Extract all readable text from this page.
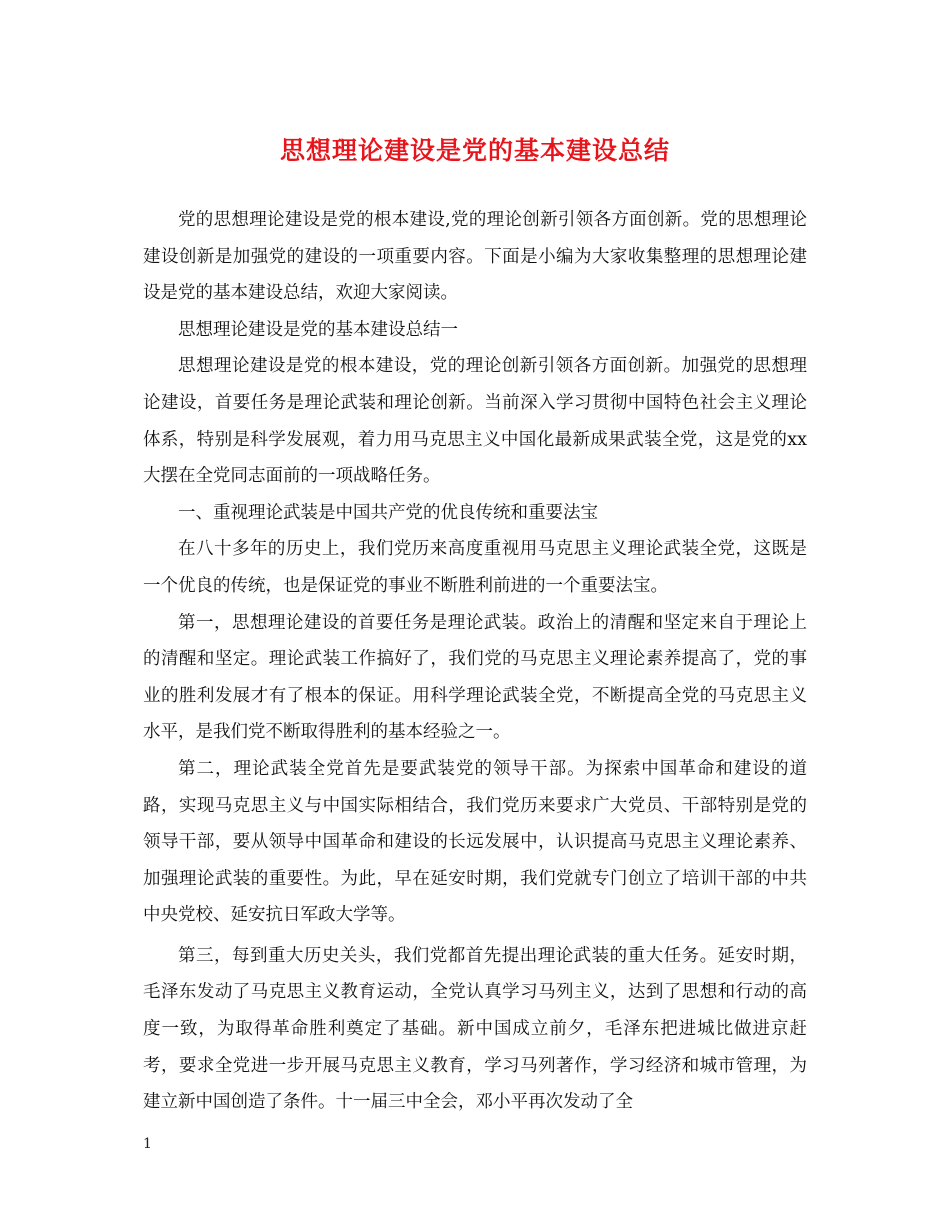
思想理论建设是党的基本建设总结

党的思想理论建设是党的根本建设,党的理论创新引领各方面创新。党的思想理论建设创新是加强党的建设的一项重要内容。下面是小编为大家收集整理的思想理论建设是党的基本建设总结，欢迎大家阅读。

思想理论建设是党的基本建设总结一

思想理论建设是党的根本建设，党的理论创新引领各方面创新。加强党的思想理论建设，首要任务是理论武装和理论创新。当前深入学习贯彻中国特色社会主义理论体系，特别是科学发展观，着力用马克思主义中国化最新成果武装全党，这是党的xx大摆在全党同志面前的一项战略任务。

一、重视理论武装是中国共产党的优良传统和重要法宝

在八十多年的历史上，我们党历来高度重视用马克思主义理论武装全党，这既是一个优良的传统，也是保证党的事业不断胜利前进的一个重要法宝。

第一，思想理论建设的首要任务是理论武装。政治上的清醒和坚定来自于理论上的清醒和坚定。理论武装工作搞好了，我们党的马克思主义理论素养提高了，党的事业的胜利发展才有了根本的保证。用科学理论武装全党，不断提高全党的马克思主义水平，是我们党不断取得胜利的基本经验之一。

第二，理论武装全党首先是要武装党的领导干部。为探索中国革命和建设的道路，实现马克思主义与中国实际相结合，我们党历来要求广大党员、干部特别是党的领导干部，要从领导中国革命和建设的长远发展中，认识提高马克思主义理论素养、加强理论武装的重要性。为此，早在延安时期，我们党就专门创立了培训干部的中共中央党校、延安抗日军政大学等。

第三，每到重大历史关头，我们党都首先提出理论武装的重大任务。延安时期，毛泽东发动了马克思主义教育运动，全党认真学习马列主义，达到了思想和行动的高度一致，为取得革命胜利奠定了基础。新中国成立前夕，毛泽东把进城比做进京赶考，要求全党进一步开展马克思主义教育，学习马列著作，学习经济和城市管理，为建立新中国创造了条件。十一届三中全会，邓小平再次发动了全

1
